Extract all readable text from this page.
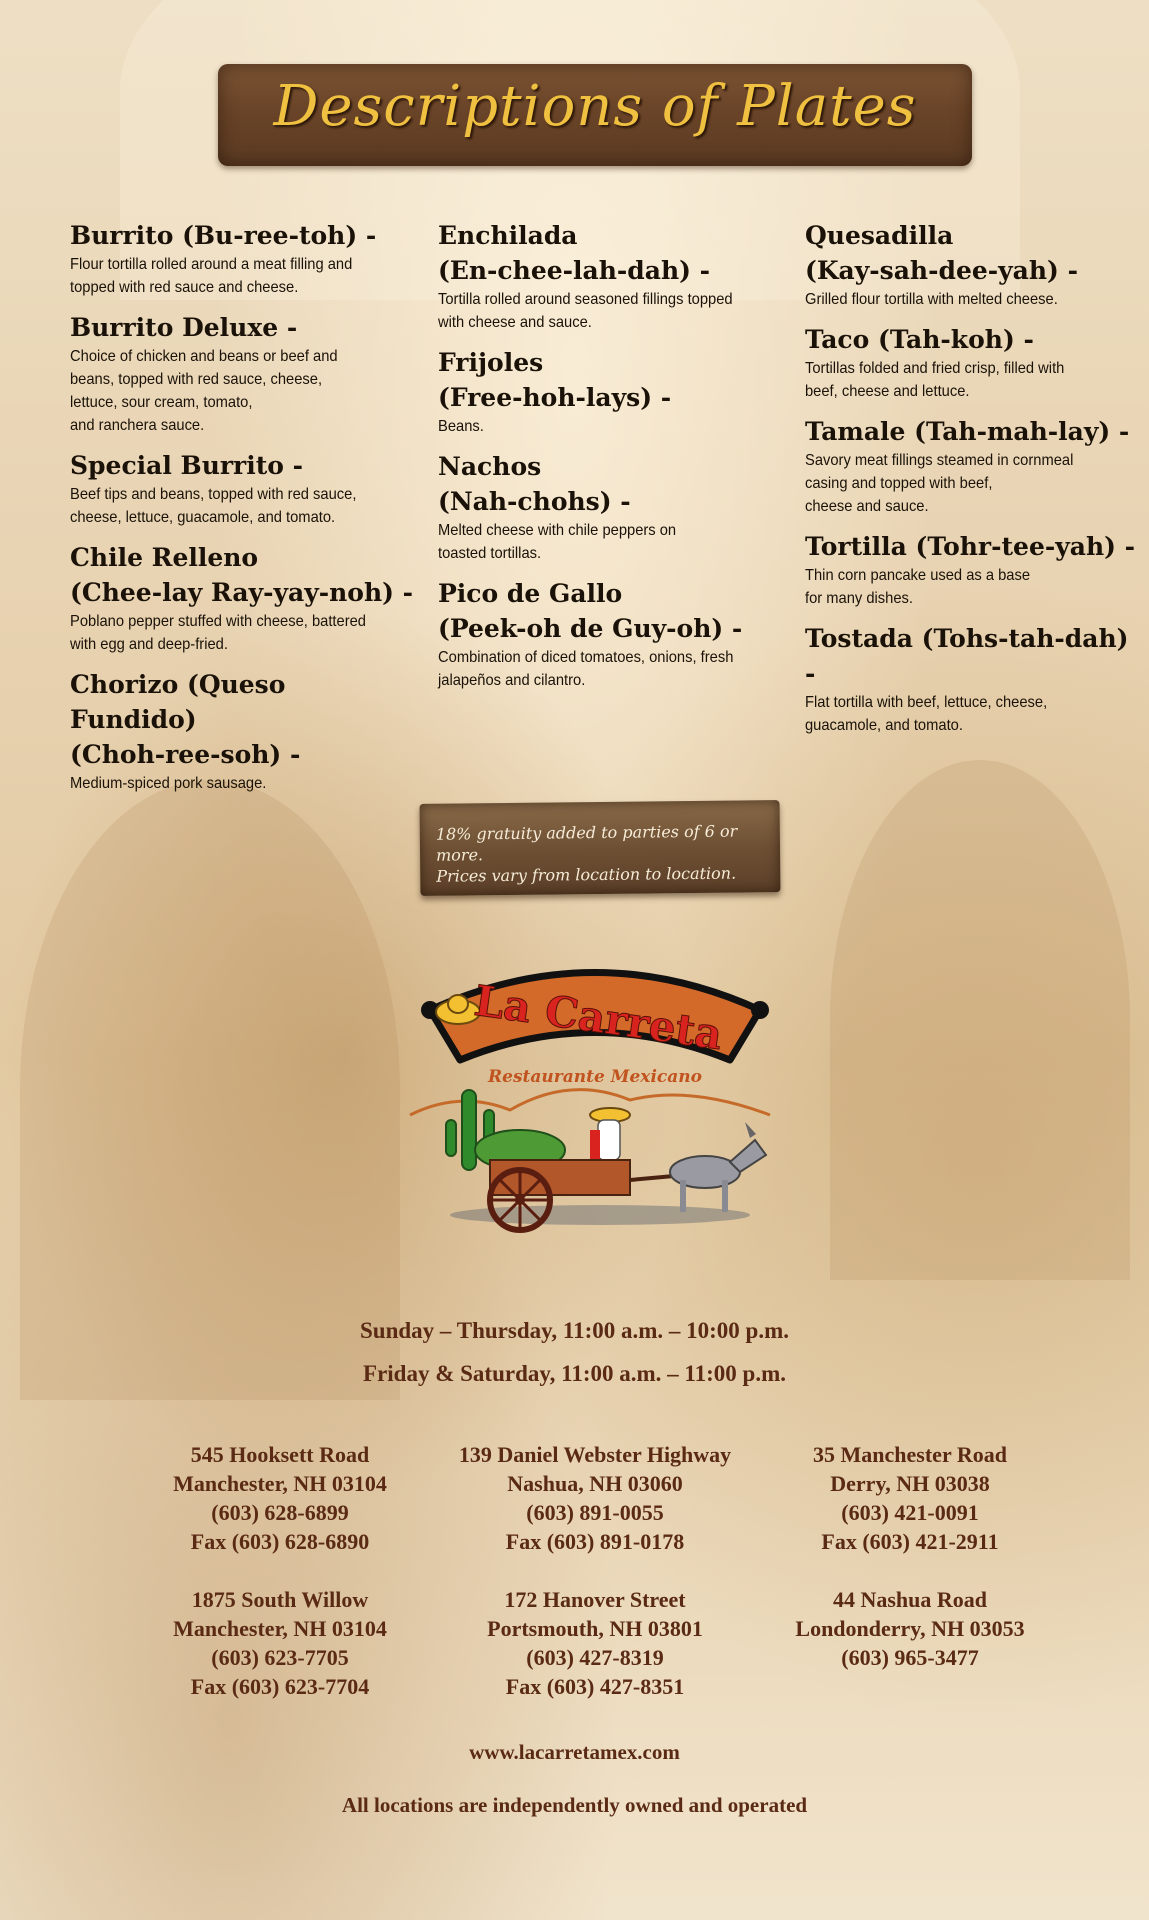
Descriptions of Plates
Burrito (Bu-ree-toh) -
Flour tortilla rolled around a meat filling and
topped with red sauce and cheese.
Burrito Deluxe -
Choice of chicken and beans or beef and
beans, topped with red sauce, cheese,
lettuce, sour cream, tomato,
and ranchera sauce.
Special Burrito -
Beef tips and beans, topped with red sauce,
cheese, lettuce, guacamole, and tomato.
Chile Relleno
(Chee-lay Ray-yay-noh) -
Poblano pepper stuffed with cheese, battered
with egg and deep-fried.
Chorizo (Queso Fundido)
(Choh-ree-soh) -
Medium-spiced pork sausage.
Enchilada
(En-chee-lah-dah) -
Tortilla rolled around seasoned fillings topped
with cheese and sauce.
Frijoles
(Free-hoh-lays) -
Beans.
Nachos
(Nah-chohs) -
Melted cheese with chile peppers on
toasted tortillas.
Pico de Gallo
(Peek-oh de Guy-oh) -
Combination of diced tomatoes, onions, fresh
jalapeños and cilantro.
Quesadilla
(Kay-sah-dee-yah) -
Grilled flour tortilla with melted cheese.
Taco (Tah-koh) -
Tortillas folded and fried crisp, filled with
beef, cheese and lettuce.
Tamale (Tah-mah-lay) -
Savory meat fillings steamed in cornmeal
casing and topped with beef,
cheese and sauce.
Tortilla (Tohr-tee-yah) -
Thin corn pancake used as a base
for many dishes.
Tostada (Tohs-tah-dah) -
Flat tortilla with beef, lettuce, cheese,
guacamole, and tomato.
18% gratuity added to parties of 6 or more.
Prices vary from location to location.
La Carreta
Restaurante Mexicano
Sunday – Thursday, 11:00 a.m. – 10:00 p.m.
Friday & Saturday, 11:00 a.m. – 11:00 p.m.
545 Hooksett Road
Manchester, NH 03104
(603) 628-6899
Fax (603) 628-6890
139 Daniel Webster Highway
Nashua, NH 03060
(603) 891-0055
Fax (603) 891-0178
35 Manchester Road
Derry, NH 03038
(603) 421-0091
Fax (603) 421-2911
1875 South Willow
Manchester, NH 03104
(603) 623-7705
Fax (603) 623-7704
172 Hanover Street
Portsmouth, NH 03801
(603) 427-8319
Fax (603) 427-8351
44 Nashua Road
Londonderry, NH 03053
(603) 965-3477
www.lacarretamex.com
All locations are independently owned and operated
